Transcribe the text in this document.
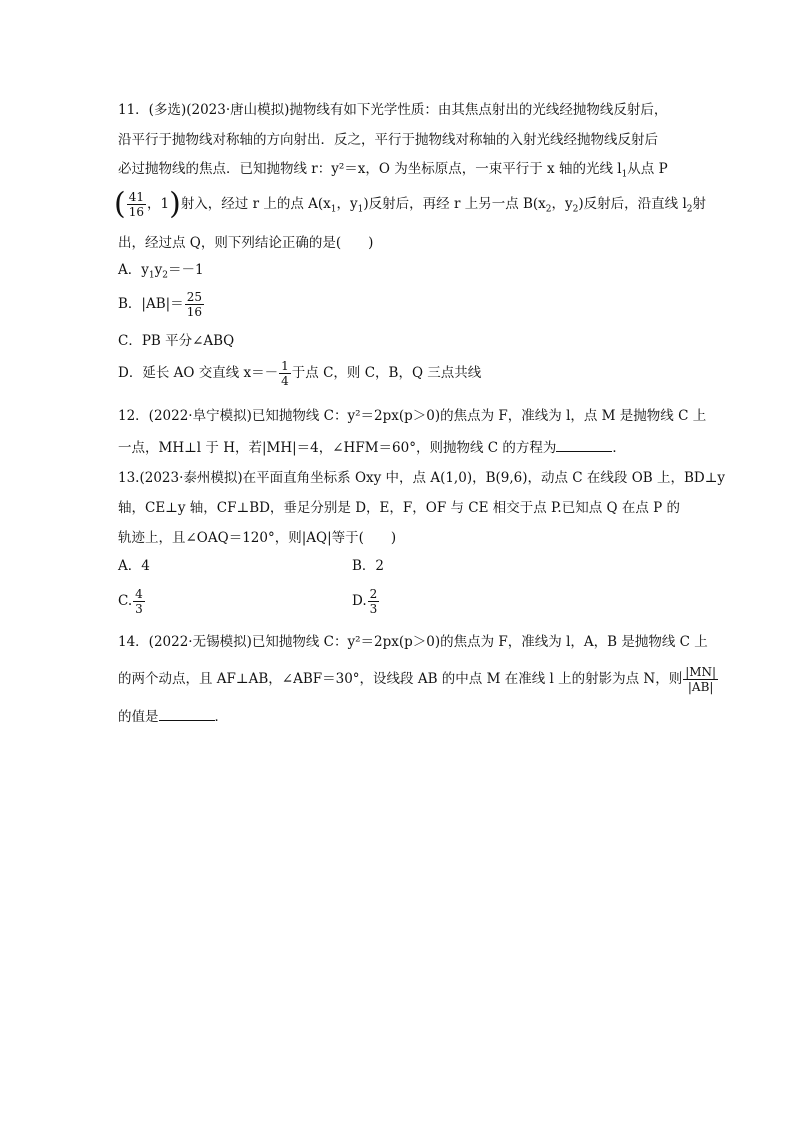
11．(多选)(2023·唐山模拟)抛物线有如下光学性质：由其焦点射出的光线经抛物线反射后，
沿平行于抛物线对称轴的方向射出．反之，平行于抛物线对称轴的入射光线经抛物线反射后
必过抛物线的焦点．已知抛物线 r：y²＝x，O 为坐标原点，一束平行于 x 轴的光线 $l_1$从点 P
( $\frac{41}{16}$ ，1)射入，经过 r 上的点 $A(x_1$，$y_1$)反射后，再经 r 上另一点 $B(x_2$，$y_2$)反射后，沿直线 $l_2$射
出，经过点 Q，则下列结论正确的是(　　)
A．$y_1y_2=-1$
B．$|AB|= \frac{25}{16}$
C．PB 平分∠ABQ
D．延长 AO 交直线 $x=- \frac{1}{4}$ 于点 C，则 C，B，Q 三点共线
12．(2022·阜宁模拟)已知抛物线 C：y²＝2px(p＞0)的焦点为 F，准线为 l，点 M 是抛物线 C 上
一点，MH⊥l 于 H，若|MH|＝4，∠HFM＝60°，则抛物线 C 的方程为	．
13.(2023·泰州模拟)在平面直角坐标系 Oxy 中，点 A(1,0)，B(9,6)，动点 C 在线段 OB 上，BD⊥y
轴，CE⊥y 轴，CF⊥BD，垂足分别是 D，E，F，OF 与 CE 相交于点 P.已知点 Q 在点 P 的
轨迹上，且∠OAQ＝120°，则|AQ|等于(　　)
A．4	B．2
C. $\frac{4}{3}$	D. $\frac{2}{3}$
14．(2022·无锡模拟)已知抛物线 C：y²＝2px(p＞0)的焦点为 F，准线为 l，A，B 是抛物线 C 上
的两个动点，且 AF⊥AB，∠ABF＝30°，设线段 AB 的中点 M 在准线 l 上的射影为点 N，则 $\frac{|MN|}{|AB|}$
的值是	．
